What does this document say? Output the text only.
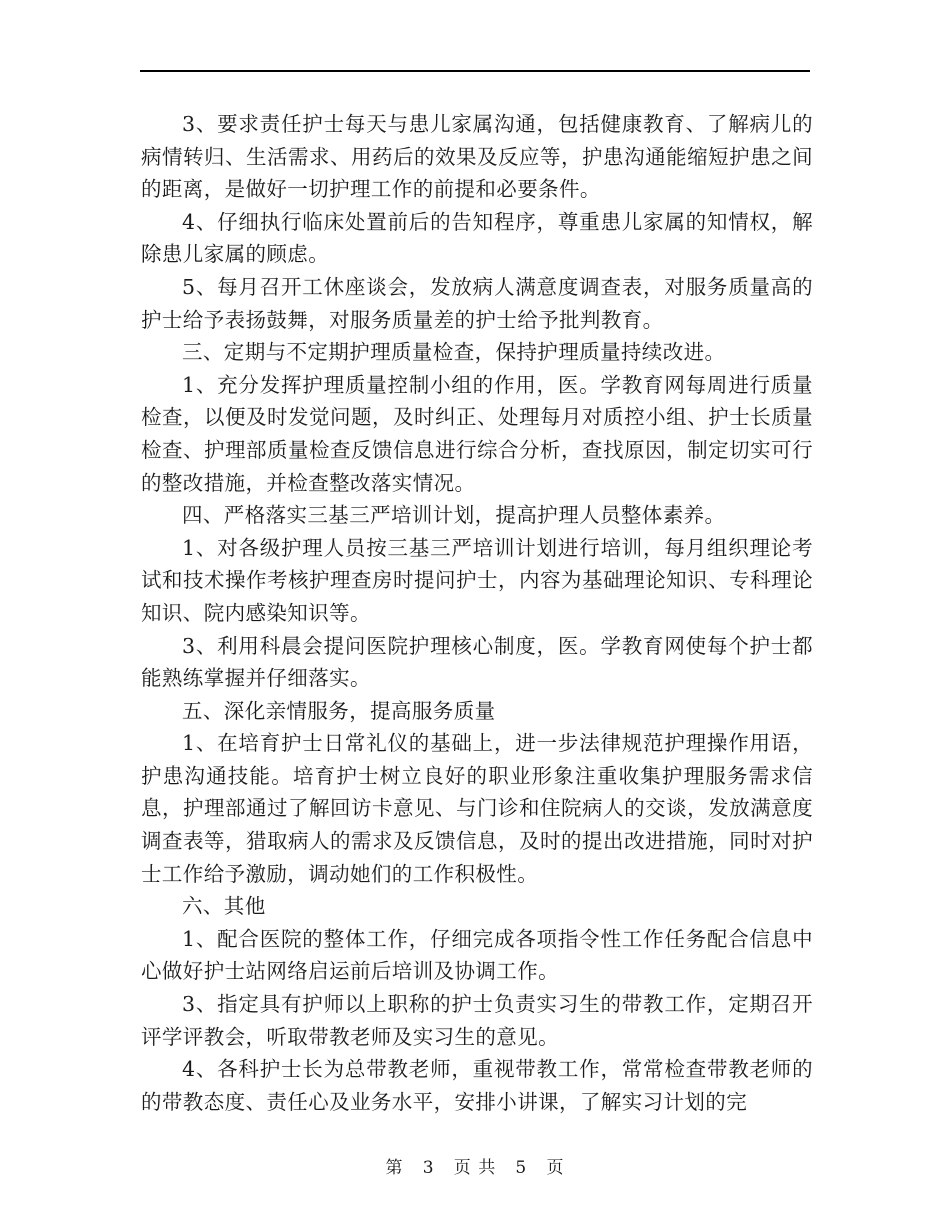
3、要求责任护士每天与患儿家属沟通，包括健康教育、了解病儿的病情转归、生活需求、用药后的效果及反应等，护患沟通能缩短护患之间的距离，是做好一切护理工作的前提和必要条件。

4、仔细执行临床处置前后的告知程序，尊重患儿家属的知情权，解除患儿家属的顾虑。

5、每月召开工休座谈会，发放病人满意度调查表，对服务质量高的护士给予表扬鼓舞，对服务质量差的护士给予批判教育。

三、定期与不定期护理质量检查，保持护理质量持续改进。

1、充分发挥护理质量控制小组的作用，医。学教育网每周进行质量检查，以便及时发觉问题，及时纠正、处理每月对质控小组、护士长质量检查、护理部质量检查反馈信息进行综合分析，查找原因，制定切实可行的整改措施，并检查整改落实情况。

四、严格落实三基三严培训计划，提高护理人员整体素养。

1、对各级护理人员按三基三严培训计划进行培训，每月组织理论考试和技术操作考核护理查房时提问护士，内容为基础理论知识、专科理论知识、院内感染知识等。

3、利用科晨会提问医院护理核心制度，医。学教育网使每个护士都能熟练掌握并仔细落实。

五、深化亲情服务，提高服务质量

1、在培育护士日常礼仪的基础上，进一步法律规范护理操作用语，护患沟通技能。培育护士树立良好的职业形象注重收集护理服务需求信息，护理部通过了解回访卡意见、与门诊和住院病人的交谈，发放满意度调查表等，猎取病人的需求及反馈信息，及时的提出改进措施，同时对护士工作给予激励，调动她们的工作积极性。

六、其他

1、配合医院的整体工作，仔细完成各项指令性工作任务配合信息中心做好护士站网络启运前后培训及协调工作。

3、指定具有护师以上职称的护士负责实习生的带教工作，定期召开评学评教会，听取带教老师及实习生的意见。

4、各科护士长为总带教老师，重视带教工作，常常检查带教老师的的带教态度、责任心及业务水平，安排小讲课，了解实习计划的完

第 3 页 共 5 页
